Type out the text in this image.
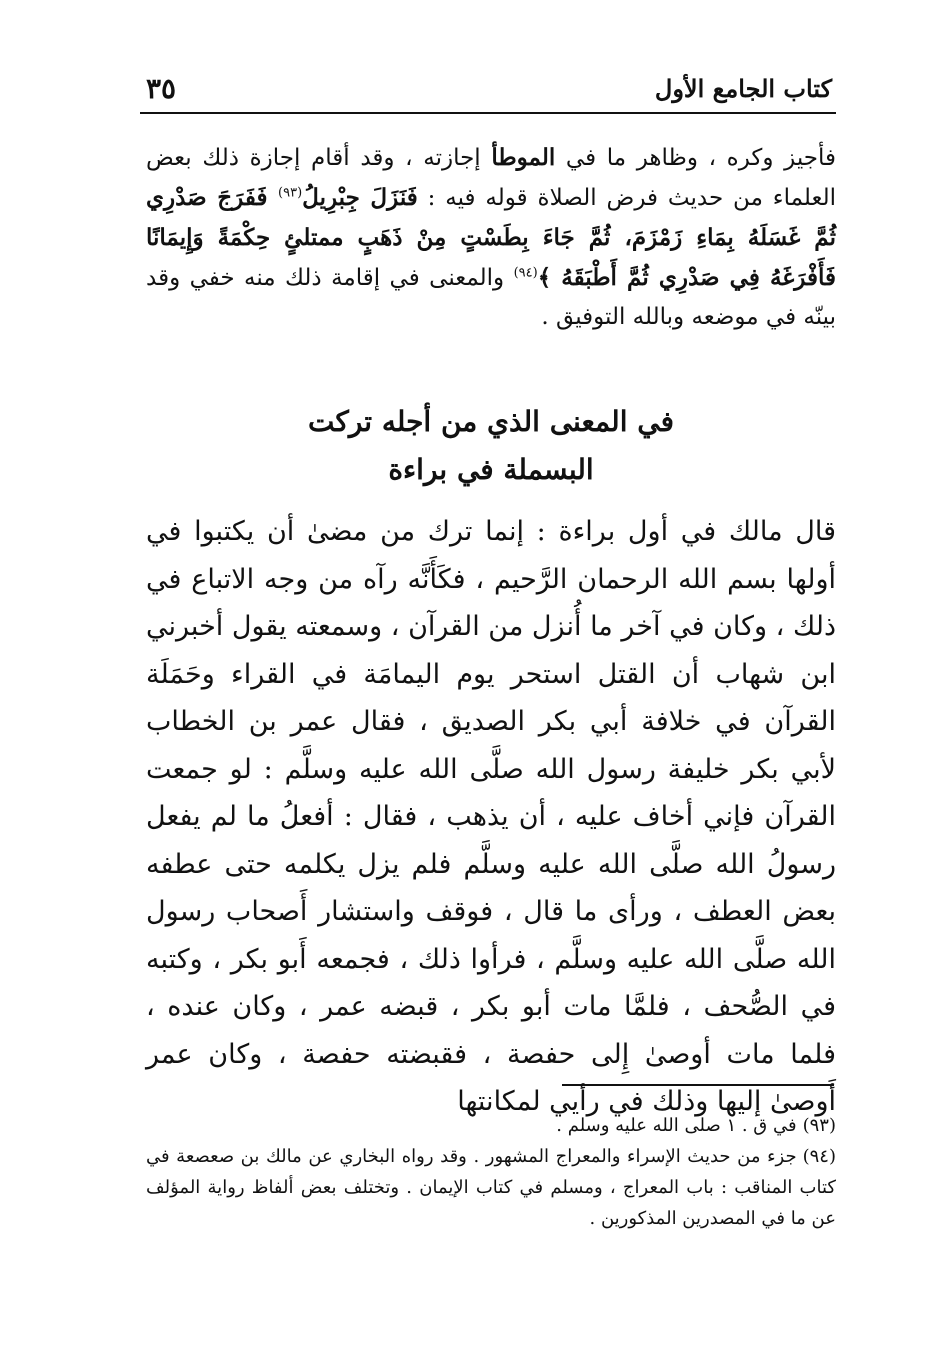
كتاب الجامع الأول
٣٥

فأجيز وكره ، وظاهر ما في الموطأ إجازته ، وقد أقام إجازة ذلك بعض العلماء من حديث فرض الصلاة قوله فيه : فَنَزَلَ جِبْرِيلُ$^{(٩٣)}$ فَفَرَجَ صَدْرِي ثُمَّ غَسَلَهُ بِمَاءِ زَمْزَمَ، ثُمَّ جَاءَ بِطَسْتٍ مِنْ ذَهَبٍ ممتلئٍ حِكْمَةً وَإِيمَانًا فَأَفْرَغَهُ فِي صَدْرِي ثُمَّ أَطْبَقَهُ ﴾$^{(٩٤)}$ والمعنى في إقامة ذلك منه خفي وقد بينّه في موضعه وبالله التوفيق .

في المعنى الذي من أجله تركت
البسملة في براءة

قال مالك في أول براءة : إنما ترك من مضىٰ أن يكتبوا في أولها بسم الله الرحمان الرَّحيم ، فكَأَنَّه رآه من وجه الاتباع في ذلك ، وكان في آخر ما أُنزل من القرآن ، وسمعته يقول أخبرني ابن شهاب أن القتل استحر يوم اليمامَة في القراء وحَمَلَة القرآن في خلافة أبي بكر الصديق ، فقال عمر بن الخطاب لأبي بكر خليفة رسول الله صلَّى الله عليه وسلَّم : لو جمعت القرآن فإني أخاف عليه ، أن يذهب ، فقال : أفعلُ ما لم يفعل رسولُ الله صلَّى الله عليه وسلَّم فلم يزل يكلمه حتى عطفه بعض العطف ، ورأى ما قال ، فوقف واستشار أَصحاب رسول الله صلَّى الله عليه وسلَّم ، فرأوا ذلك ، فجمعه أَبو بكر ، وكتبه في الصُّحف ، فلمَّا مات أبو بكر ، قبضه عمر ، وكان عنده ، فلما مات أوصىٰ إِلى حفصة ، فقبضته حفصة ، وكان عمر أَوصىٰ إليها وذلك في رأيي لمكانتها

(٩٣)في ق . ١ صلى الله عليه وسلم .

(٩٤)جزء من حديث الإسراء والمعراج المشهور . وقد رواه البخاري عن مالك بن صعصعة في كتاب المناقب : باب المعراج ، ومسلم في كتاب الإيمان . وتختلف بعض ألفاظ رواية المؤلف عن ما في المصدرين المذكورين .
